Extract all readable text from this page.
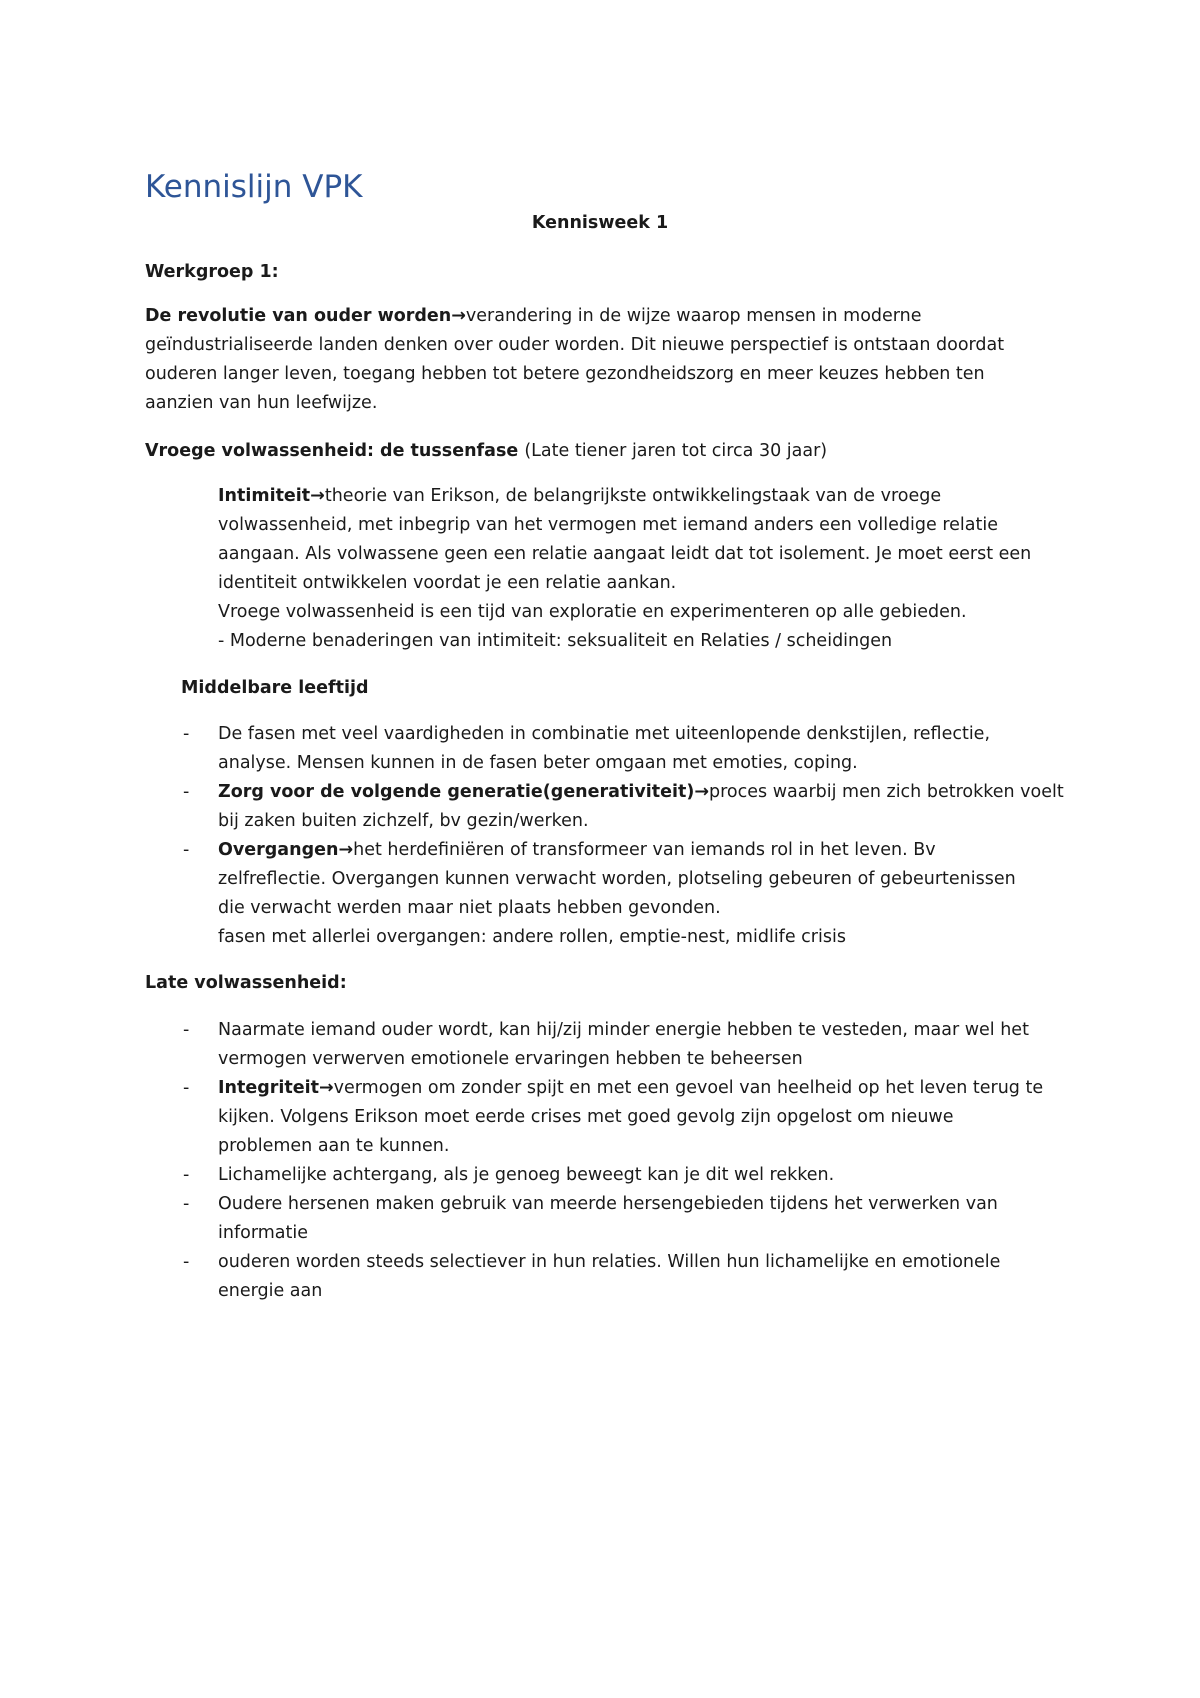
Kennislijn VPK
Kennisweek 1
Werkgroep 1:

De revolutie van ouder worden→verandering in de wijze waarop mensen in moderne

geïndustrialiseerde landen denken over ouder worden. Dit nieuwe perspectief is ontstaan doordat

ouderen langer leven, toegang hebben tot betere gezondheidszorg en meer keuzes hebben ten

aanzien van hun leefwijze.

Vroege volwassenheid: de tussenfase (Late tiener jaren tot circa 30 jaar)

Intimiteit→theorie van Erikson, de belangrijkste ontwikkelingstaak van de vroege

volwassenheid, met inbegrip van het vermogen met iemand anders een volledige relatie

aangaan. Als volwassene geen een relatie aangaat leidt dat tot isolement. Je moet eerst een

identiteit ontwikkelen voordat je een relatie aankan.

Vroege volwassenheid is een tijd van exploratie en experimenteren op alle gebieden.

- Moderne benaderingen van intimiteit: seksualiteit en Relaties / scheidingen

Middelbare leeftijd
- De fasen met veel vaardigheden in combinatie met uiteenlopende denkstijlen, reflectie,
analyse. Mensen kunnen in de fasen beter omgaan met emoties, coping.
- Zorg voor de volgende generatie(generativiteit)→proces waarbij men zich betrokken voelt
bij zaken buiten zichzelf, bv gezin/werken.
- Overgangen→het herdefiniëren of transformeer van iemands rol in het leven. Bv
zelfreflectie. Overgangen kunnen verwacht worden, plotseling gebeuren of gebeurtenissen
die verwacht werden maar niet plaats hebben gevonden.
fasen met allerlei overgangen: andere rollen, emptie-nest, midlife crisis
Late volwassenheid:
- Naarmate iemand ouder wordt, kan hij/zij minder energie hebben te vesteden, maar wel het
vermogen verwerven emotionele ervaringen hebben te beheersen
- Integriteit→vermogen om zonder spijt en met een gevoel van heelheid op het leven terug te
kijken. Volgens Erikson moet eerde crises met goed gevolg zijn opgelost om nieuwe
problemen aan te kunnen.
- Lichamelijke achtergang, als je genoeg beweegt kan je dit wel rekken.
- Oudere hersenen maken gebruik van meerde hersengebieden tijdens het verwerken van
informatie
- ouderen worden steeds selectiever in hun relaties. Willen hun lichamelijke en emotionele
energie aan
